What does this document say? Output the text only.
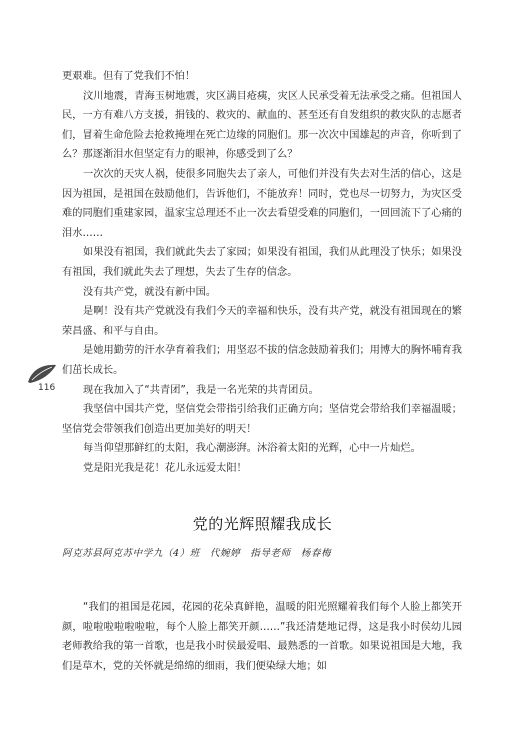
更艰难。但有了党我们不怕！

汶川地震，青海玉树地震，灾区满目疮痍，灾区人民承受着无法承受之痛。但祖国人民，一方有难八方支援，捐钱的、救灾的、献血的、甚至还有自发组织的救灾队的志愿者们，冒着生命危险去抢救掩埋在死亡边缘的同胞们。那一次次中国雄起的声音，你听到了么？那逐渐泪水但坚定有力的眼神，你感受到了么？

一次次的天灾人祸，使很多同胞失去了亲人，可他们并没有失去对生活的信心，这是因为祖国，是祖国在鼓励他们，告诉他们，不能放弃！同时，党也尽一切努力，为灾区受难的同胞们重建家园，温家宝总理还不止一次去看望受难的同胞们，一回回流下了心痛的泪水……

如果没有祖国，我们就此失去了家园；如果没有祖国，我们从此理没了快乐；如果没有祖国，我们就此失去了理想，失去了生存的信念。

没有共产党，就没有新中国。

是啊！没有共产党就没有我们今天的幸福和快乐，没有共产党，就没有祖国现在的繁荣昌盛、和平与自由。

是她用勤劳的汗水孕育着我们；用坚忍不拔的信念鼓励着我们；用博大的胸怀哺育我们茁长成长。

现在我加入了“共青团”，我是一名光荣的共青团员。

我坚信中国共产党，坚信党会带指引给我们正确方向；坚信党会带给我们幸福温暖；坚信党会带领我们创造出更加美好的明天！

每当仰望那鲜红的太阳，我心潮澎湃。沐浴着太阳的光辉，心中一片灿烂。

党是阳光我是花！花儿永远爱太阳！

116
党的光辉照耀我成长
阿克苏县阿克苏中学九（4）班　代婉婷　指导老师　杨春梅

“我们的祖国是花园，花园的花朵真鲜艳，温暖的阳光照耀着我们每个人脸上都笑开颜，啦啦啦啦啦啦啦，每个人脸上都笑开颜……”我还清楚地记得，这是我小时侯幼儿园老师教给我的第一首歌，也是我小时侯最爱唱、最熟悉的一首歌。如果说祖国是大地，我们是草木，党的关怀就是绵绵的细雨，我们便染绿大地；如
